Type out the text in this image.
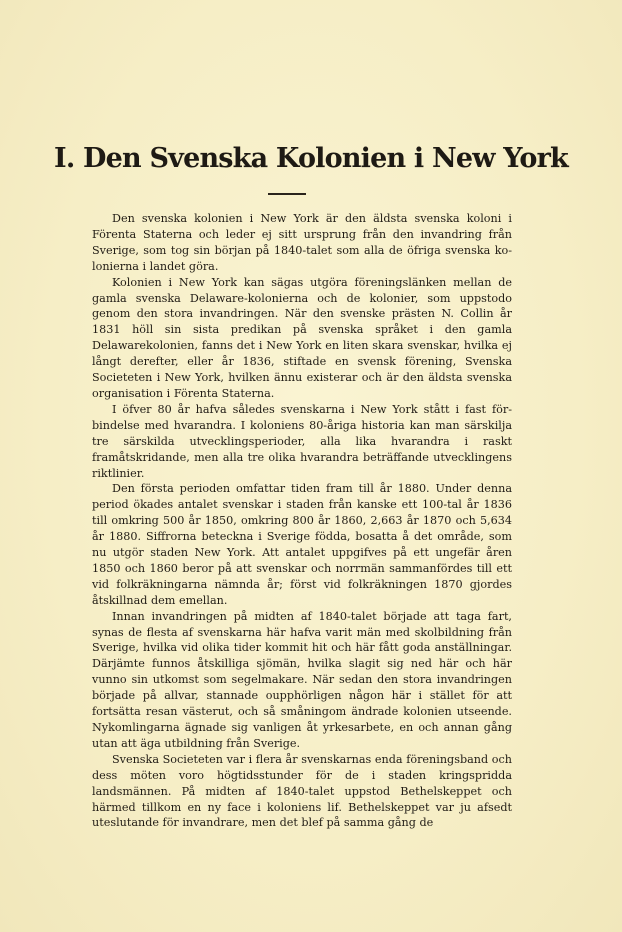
I. Den Svenska Kolonien i New York

Den svenska kolonien i New York är den äldsta svenska koloni i Förenta Staterna och leder ej sitt ursprung från den invandring från Sverige, som tog sin början på 1840-talet som alla de öfriga svenska kolonierna i landet göra.

Kolonien i New York kan sägas utgöra föreningslänken mellan de gamla svenska Delaware-kolonierna och de kolonier, som uppstodo genom den stora invandringen. När den svenske prästen N. Collin år 1831 höll sin sista predikan på svenska språket i den gamla Delawarekolonien, fanns det i New York en liten skara svenskar, hvilka ej långt derefter, eller år 1836, stiftade en svensk förening, Svenska Societeten i New York, hvilken ännu existerar och är den äldsta svenska organisation i Förenta Staterna.

I öfver 80 år hafva således svenskarna i New York stått i fast förbindelse med hvarandra. I koloniens 80-åriga historia kan man särskilja tre särskilda utvecklingsperioder, alla lika hvarandra i raskt framåtskridande, men alla tre olika hvarandra beträffande utvecklingens riktlinier.

Den första perioden omfattar tiden fram till år 1880. Under denna period ökades antalet svenskar i staden från kanske ett 100-tal år 1836 till omkring 500 år 1850, omkring 800 år 1860, 2,663 år 1870 och 5,634 år 1880. Siffrorna beteckna i Sverige födda, bosatta å det område, som nu utgör staden New York. Att antalet uppgifves på ett ungefär åren 1850 och 1860 beror på att svenskar och norrmän sammanfördes till ett vid folkräkningarna nämnda år; först vid folkräkningen 1870 gjordes åtskillnad dem emellan.

Innan invandringen på midten af 1840-talet började att taga fart, synas de flesta af svenskarna här hafva varit män med skolbildning från Sverige, hvilka vid olika tider kommit hit och här fått goda anställningar. Därjämte funnos åtskilliga sjömän, hvilka slagit sig ned här och här vunno sin utkomst som segelmakare. När sedan den stora invandringen började på allvar, stannade oupphörligen någon här i stället för att fortsätta resan västerut, och så småningom ändrade kolonien utseende. Nykomlingarna ägnade sig vanligen åt yrkesarbete, en och annan gång utan att äga utbildning från Sverige.

Svenska Societeten var i flera år svenskarnas enda föreningsband och dess möten voro högtidsstunder för de i staden kringspridda landsmännen. På midten af 1840-talet uppstod Bethelskeppet och härmed tillkom en ny face i koloniens lif. Bethelskeppet var ju afsedt uteslutande för invandrare, men det blef på samma gång de
